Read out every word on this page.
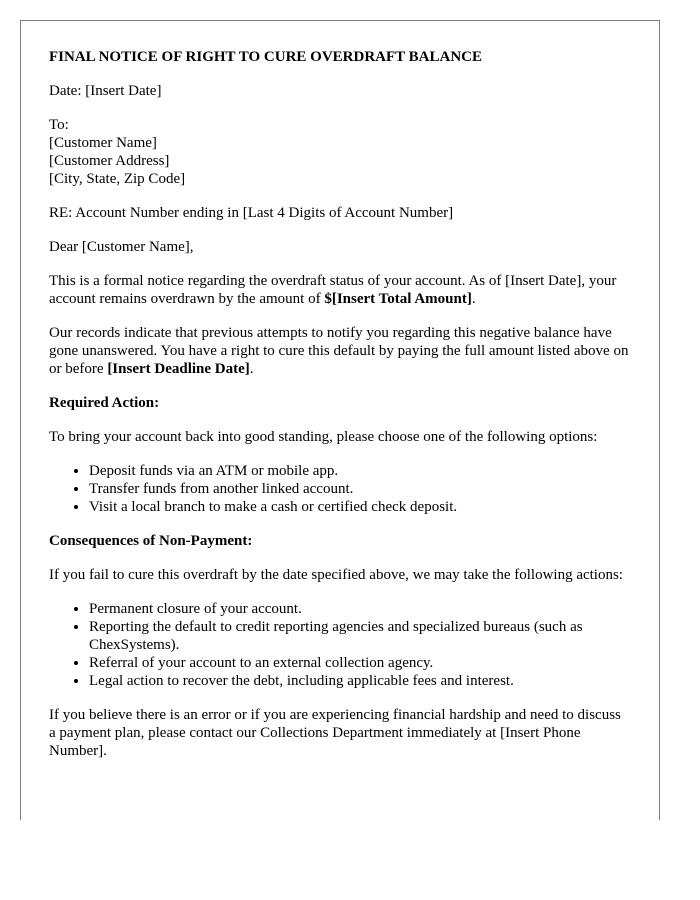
FINAL NOTICE OF RIGHT TO CURE OVERDRAFT BALANCE

Date: [Insert Date]

To:
[Customer Name]
[Customer Address]
[City, State, Zip Code]

RE: Account Number ending in [Last 4 Digits of Account Number]

Dear [Customer Name],

This is a formal notice regarding the overdraft status of your account. As of [Insert Date], your account remains overdrawn by the amount of $[Insert Total Amount].

Our records indicate that previous attempts to notify you regarding this negative balance have gone unanswered. You have a right to cure this default by paying the full amount listed above on or before [Insert Deadline Date].

Required Action:

To bring your account back into good standing, please choose one of the following options:

• Deposit funds via an ATM or mobile app.
• Transfer funds from another linked account.
• Visit a local branch to make a cash or certified check deposit.
Consequences of Non-Payment:

If you fail to cure this overdraft by the date specified above, we may take the following actions:

• Permanent closure of your account.
• Reporting the default to credit reporting agencies and specialized bureaus (such as ChexSystems).
• Referral of your account to an external collection agency.
• Legal action to recover the debt, including applicable fees and interest.

If you believe there is an error or if you are experiencing financial hardship and need to discuss a payment plan, please contact our Collections Department immediately at [Insert Phone Number].
